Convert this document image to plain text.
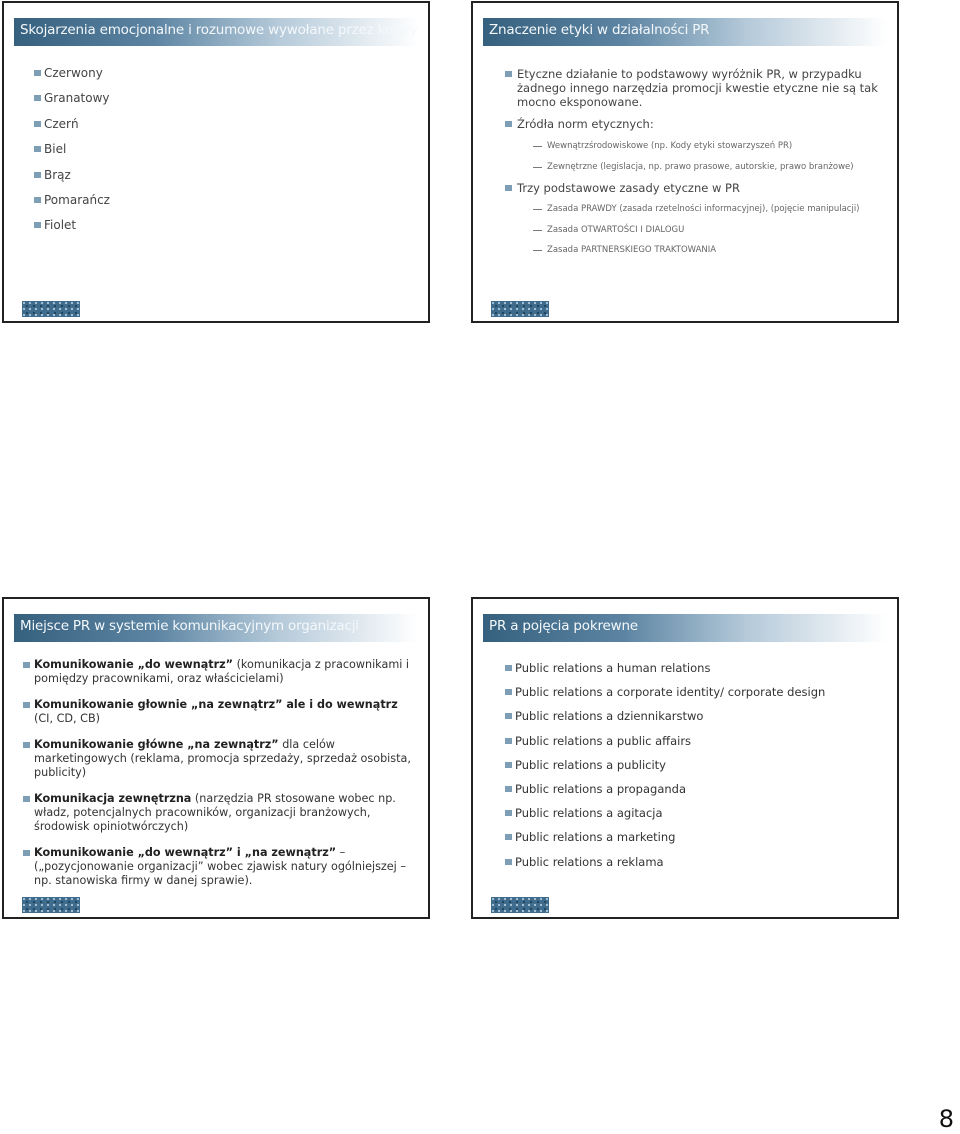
Skojarzenia emocjonalne i rozumowe wywołane przez kolory
Czerwony
Granatowy
Czerń
Biel
Brąz
Pomarańcz
Fiolet
Znaczenie etyki w działalności PR
Etyczne działanie to podstawowy wyróżnik PR, w przypadku żadnego innego narzędzia promocji kwestie etyczne nie są tak mocno eksponowane.
Źródła norm etycznych:
Wewnątrzśrodowiskowe (np. Kody etyki stowarzyszeń PR)
Zewnętrzne (legislacja, np. prawo prasowe, autorskie, prawo branżowe)
Trzy podstawowe zasady etyczne w PR
Zasada PRAWDY (zasada rzetelności informacyjnej), (pojęcie manipulacji)
Zasada OTWARTOŚCI I DIALOGU
Zasada PARTNERSKIEGO TRAKTOWANIA
Miejsce PR w systemie komunikacyjnym organizacji
Komunikowanie „do wewnątrz” (komunikacja z pracownikami i pomiędzy pracownikami, oraz właścicielami)
Komunikowanie głownie „na zewnątrz” ale i do wewnątrz (CI, CD, CB)
Komunikowanie główne „na zewnątrz” dla celów marketingowych (reklama, promocja sprzedaży, sprzedaż osobista, publicity)
Komunikacja zewnętrzna (narzędzia PR stosowane wobec np. władz, potencjalnych pracowników, organizacji branżowych, środowisk opiniotwórczych)
Komunikowanie „do wewnątrz” i „na zewnątrz” – („pozycjonowanie organizacji” wobec zjawisk natury ogólniejszej – np. stanowiska firmy w danej sprawie).
PR a pojęcia pokrewne
Public relations a human relations
Public relations a corporate identity/ corporate design
Public relations a dziennikarstwo
Public relations a public affairs
Public relations a publicity
Public relations a propaganda
Public relations a agitacja
Public relations a marketing
Public relations a reklama
8
